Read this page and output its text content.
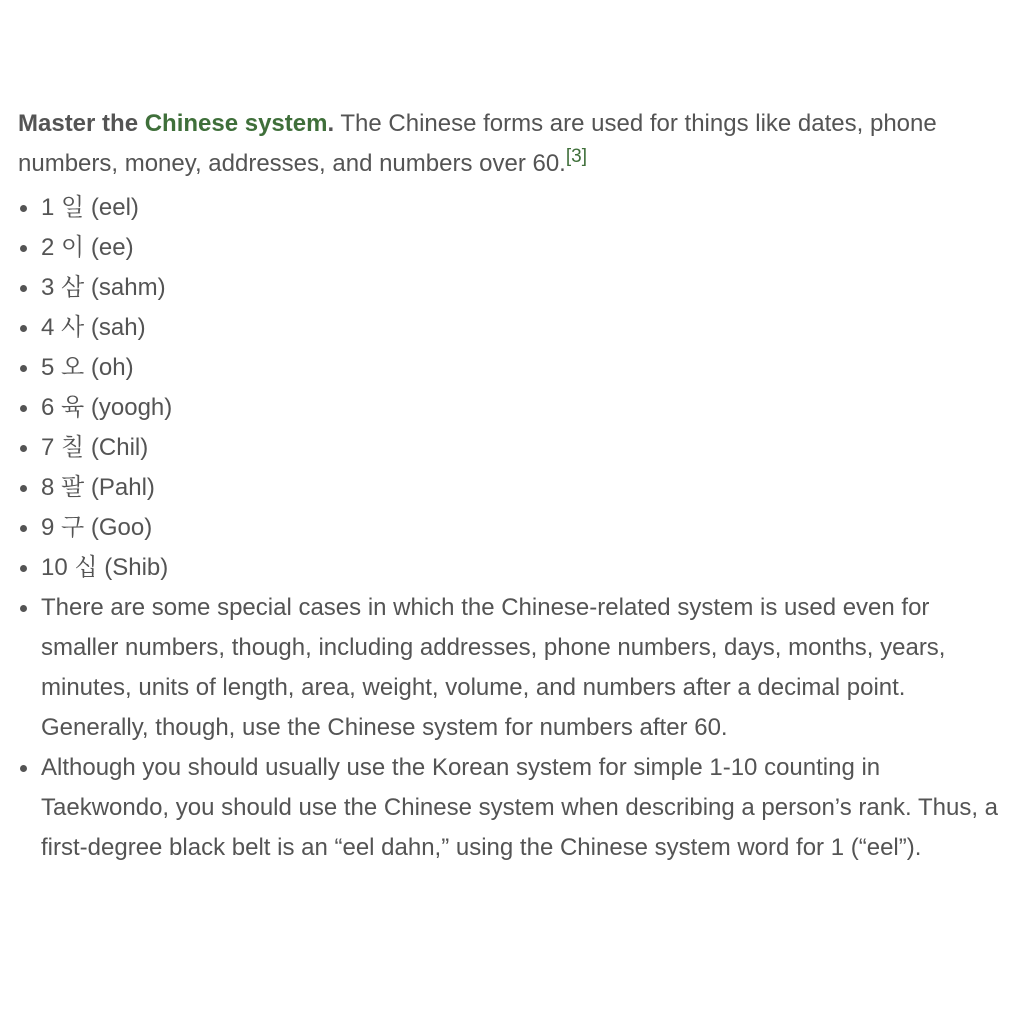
Master the Chinese system. The Chinese forms are used for things like dates, phone numbers, money, addresses, and numbers over 60.[3]

1 일 (eel)
2 이 (ee)
3 삼 (sahm)
4 사 (sah)
5 오 (oh)
6 육 (yoogh)
7 칠 (Chil)
8 팔 (Pahl)
9 구 (Goo)
10 십 (Shib)
There are some special cases in which the Chinese-related system is used even for smaller numbers, though, including addresses, phone numbers, days, months, years, minutes, units of length, area, weight, volume, and numbers after a decimal point. Generally, though, use the Chinese system for numbers after 60.
Although you should usually use the Korean system for simple 1-10 counting in Taekwondo, you should use the Chinese system when describing a person’s rank. Thus, a first-degree black belt is an “eel dahn,” using the Chinese system word for 1 (“eel”).
